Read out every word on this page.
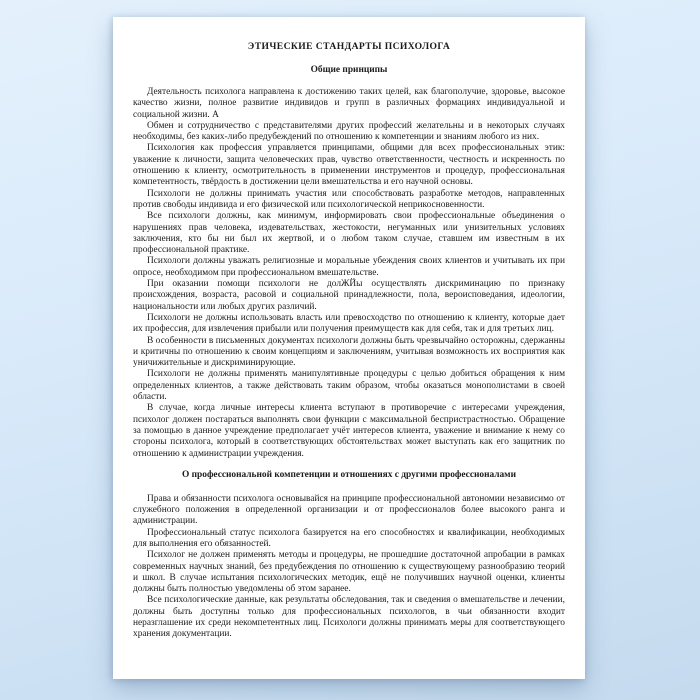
ЭТИЧЕСКИЕ СТАНДАРТЫ ПСИХОЛОГА
Общие принципы

Деятельность психолога направлена к достижению таких целей, как благополучие, здоровье, высокое качество жизни, полное развитие индивидов и групп в различных формациях индивидуальной и социальной жизни. А

Обмен и сотрудничество с представителями других профессий желательны и в некоторых случаях необходимы, без каких-либо предубеждений по отношению к компетенции и знаниям любого из них.

Психология как профессия управляется принципами, общими для всех профессиональных этик: уважение к личности, защита человеческих прав, чувство ответственности, честность и искренность по отношению к клиенту, осмотрительность в применении инструментов и процедур, профессиональная компетентность, твёрдость в достижении цели вмешательства и его научной основы.

Психологи не должны принимать участия или способствовать разработке методов, направленных против свободы индивида и его физической или психологической неприкосновенности.

Все психологи должны, как минимум, информировать свои профессиональные объединения о нарушениях прав человека, издевательствах, жестокости, негуманных или унизительных условиях заключения, кто бы ни был их жертвой, и о любом таком случае, ставшем им известным в их профессиональной практике.

Психологи должны уважать религиозные и моральные убеждения своих клиентов и учитывать их при опросе, необходимом при профессиональном вмешательстве.

При оказании помощи психологи не долЖЙы осуществлять дискриминацию по признаку происхождения, возраста, расовой и социальной принадлежности, пола, вероисповедания, идеологии, национальности или любых других различий.

Психологи не должны использовать власть или превосходство по отношению к клиенту, которые дает их профессия, для извлечения прибыли или получения преимуществ как для себя, так и для третьих лиц.

В особенности в письменных документах психологи должны быть чрезвычайно осторожны, сдержанны и критичны по отношению к своим концепциям и заключениям, учитывая возможность их восприятия как уничижительные и дискриминирующие.

Психологи не должны применять манипулятивные процедуры с целью добиться обращения к ним определенных клиентов, а также действовать таким образом, чтобы оказаться монополистами в своей области.

В случае, когда личные интересы клиента вступают в противоречие с интересами учреждения, психолог должен постараться выполнять свои функции с максимальной беспристрастностью. Обращение за помощью в данное учреждение предполагает учёт интересов клиента, уважение и внимание к нему со стороны психолога, который в соответствующих обстоятельствах может выступать как его защитник по отношению к администрации учреждения.

О профессиональной компетенции и отношениях с другими профессионалами

Права и обязанности психолога основывайся на принципе профессиональной автономии независимо от служебного положения в определенной организации и от профессионалов более высокого ранга и администрации.

Профессиональный статус психолога базируется на его способностях и квалификации, необходимых для выполнения его обязанностей.

Психолог не должен применять методы и процедуры, не прошедшие достаточной апробации в рамках современных научных знаний, без предубеждения по отношению к существующему разнообразию теорий и школ. В случае испытания психологических методик, ещё не получивших научной оценки, клиенты должны быть полностью уведомлены об этом заранее.

Все психологические данные, как результаты обследования, так и сведения о вмешательстве и лечении, должны быть доступны только для профессиональных психологов, в чьи обязанности входит неразглашение их среди некомпетентных лиц. Психологи должны принимать меры для соответствующего хранения документации.
